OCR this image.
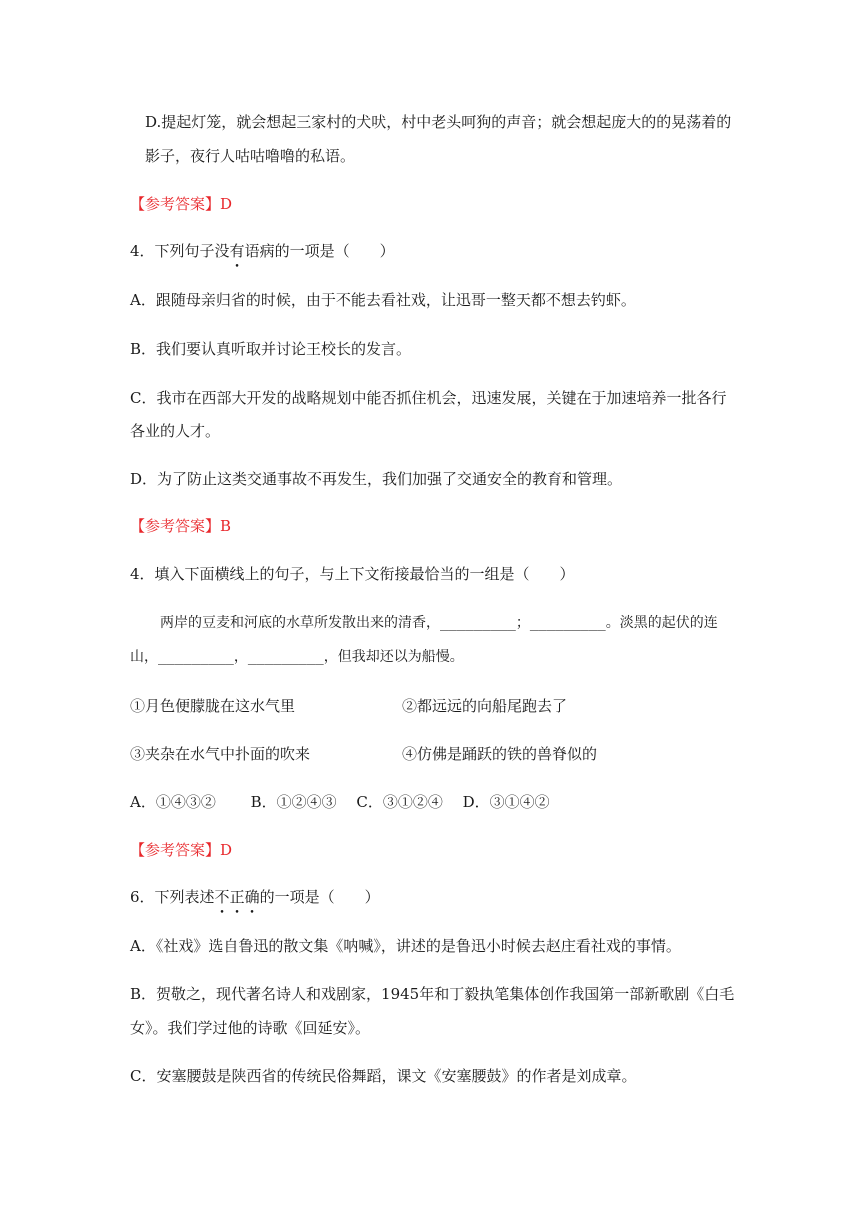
D.提起灯笼，就会想起三家村的犬吠，村中老头呵狗的声音；就会想起庞大的的晃荡着的
影子，夜行人咕咕噜噜的私语。
【参考答案】D
4．下列句子没有语病的一项是（　　）
A．跟随母亲归省的时候，由于不能去看社戏，让迅哥一整天都不想去钓虾。
B．我们要认真听取并讨论王校长的发言。
C．我市在西部大开发的战略规划中能否抓住机会，迅速发展，关键在于加速培养一批各行
各业的人才。
D．为了防止这类交通事故不再发生，我们加强了交通安全的教育和管理。
【参考答案】B
4．填入下面横线上的句子，与上下文衔接最恰当的一组是（　　）
两岸的豆麦和河底的水草所发散出来的清香，_________；_________。淡黑的起伏的连
山，_________，_________，但我却还以为船慢。
①月色便朦胧在这水气里	②都远远的向船尾跑去了
③夹杂在水气中扑面的吹来	④仿佛是踊跃的铁的兽脊似的
A．①④③②　　 B．①②④③　 C．③①②④　 D．③①④②
【参考答案】D
6．下列表述不正确的一项是（　　）
A．《社戏》选自鲁迅的散文集《呐喊》，讲述的是鲁迅小时候去赵庄看社戏的事情。
B．贺敬之，现代著名诗人和戏剧家，1945年和丁毅执笔集体创作我国第一部新歌剧《白毛
女》。我们学过他的诗歌《回延安》。
C．安塞腰鼓是陕西省的传统民俗舞蹈，课文《安塞腰鼓》的作者是刘成章。
